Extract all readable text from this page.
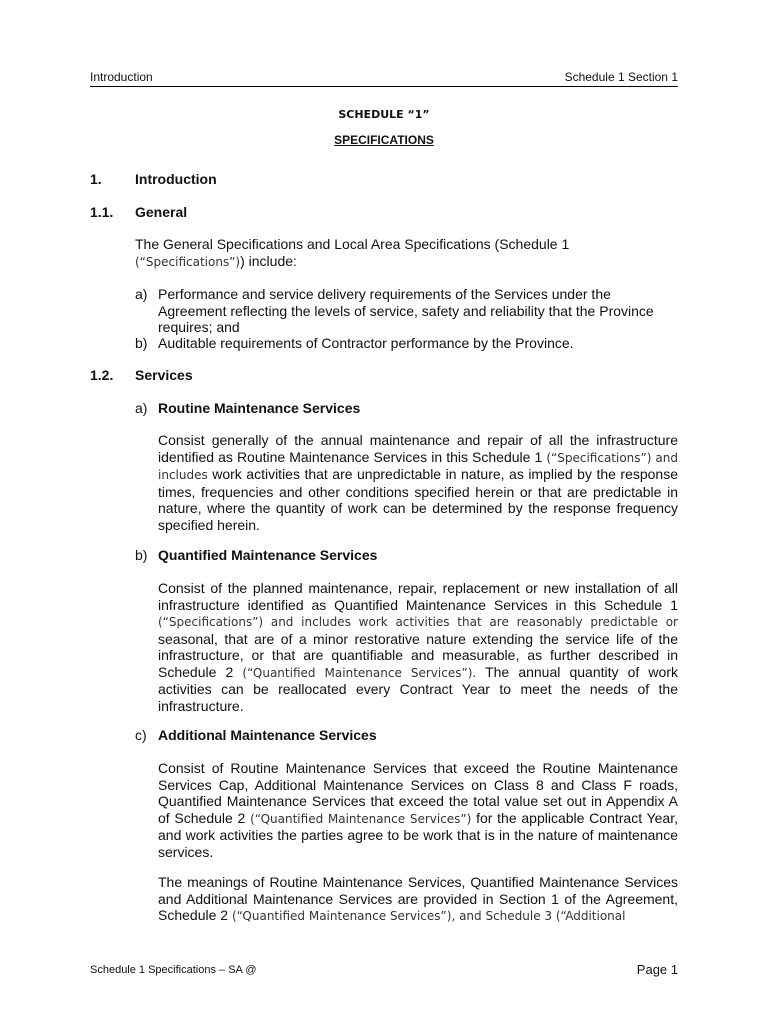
Introduction	Schedule 1 Section 1
SCHEDULE “1”
SPECIFICATIONS
1. Introduction
1.1. General
The General Specifications and Local Area Specifications (Schedule 1 (“Specifications”)) include:
a) Performance and service delivery requirements of the Services under the Agreement reflecting the levels of service, safety and reliability that the Province requires; and
b) Auditable requirements of Contractor performance by the Province.
1.2. Services
a) Routine Maintenance Services
Consist generally of the annual maintenance and repair of all the infrastructure identified as Routine Maintenance Services in this Schedule 1 (“Specifications”) and includes work activities that are unpredictable in nature, as implied by the response times, frequencies and other conditions specified herein or that are predictable in nature, where the quantity of work can be determined by the response frequency specified herein.
b) Quantified Maintenance Services
Consist of the planned maintenance, repair, replacement or new installation of all infrastructure identified as Quantified Maintenance Services in this Schedule 1 (“Specifications”) and includes work activities that are reasonably predictable or seasonal, that are of a minor restorative nature extending the service life of the infrastructure, or that are quantifiable and measurable, as further described in Schedule 2 (“Quantified Maintenance Services”). The annual quantity of work activities can be reallocated every Contract Year to meet the needs of the infrastructure.
c) Additional Maintenance Services
Consist of Routine Maintenance Services that exceed the Routine Maintenance Services Cap, Additional Maintenance Services on Class 8 and Class F roads, Quantified Maintenance Services that exceed the total value set out in Appendix A of Schedule 2 (“Quantified Maintenance Services”) for the applicable Contract Year, and work activities the parties agree to be work that is in the nature of maintenance services.
The meanings of Routine Maintenance Services, Quantified Maintenance Services and Additional Maintenance Services are provided in Section 1 of the Agreement, Schedule 2 (“Quantified Maintenance Services”), and Schedule 3 (“Additional
Schedule 1 Specifications – SA @	Page 1
